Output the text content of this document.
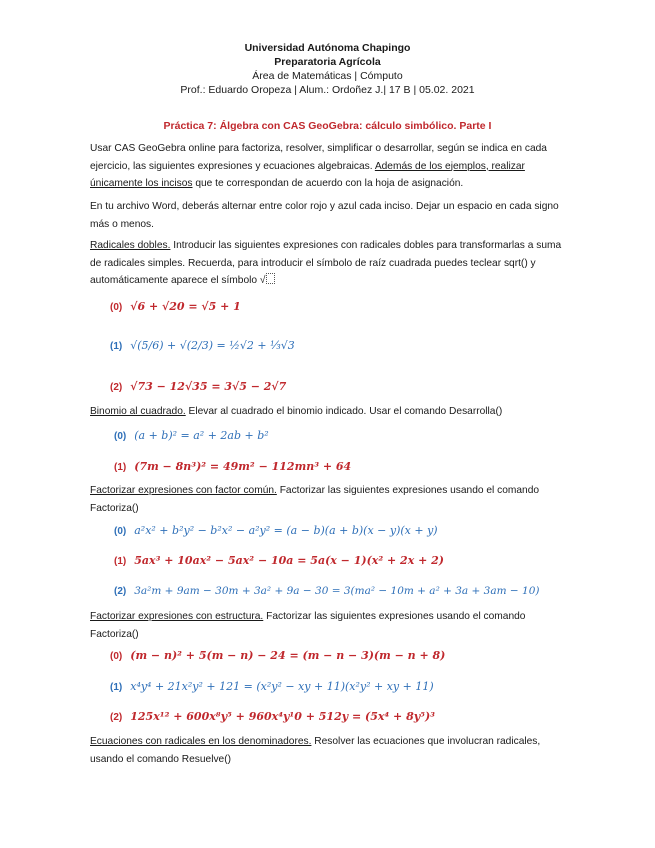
Universidad Autónoma Chapingo
Preparatoria Agrícola
Área de Matemáticas | Cómputo
Prof.: Eduardo Oropeza | Alum.: Ordoñez J.| 17 B | 05.02. 2021
Práctica 7: Álgebra con CAS GeoGebra: cálculo simbólico. Parte I
Usar CAS GeoGebra online para factoriza, resolver, simplificar o desarrollar, según se indica en cada ejercicio, las siguientes expresiones y ecuaciones algebraicas. Además de los ejemplos, realizar únicamente los incisos que te correspondan de acuerdo con la hoja de asignación.
En tu archivo Word, deberás alternar entre color rojo y azul cada inciso. Dejar un espacio en cada signo más o menos.
Radicales dobles. Introducir las siguientes expresiones con radicales dobles para transformarlas a suma de radicales simples. Recuerda, para introducir el símbolo de raíz cuadrada puedes teclear sqrt() y automáticamente aparece el símbolo √
(0) √6 + √20 = √5 + 1
(1) √(5/6) + √(2/3) = ½√2 + ⅓√3
(2) √73 − 12√35 = 3√5 − 2√7
Binomio al cuadrado. Elevar al cuadrado el binomio indicado. Usar el comando Desarrolla()
(0) (a + b)² = a² + 2ab + b²
(1) (7m − 8n³)² = 49m² − 112mn³ + 64
Factorizar expresiones con factor común. Factorizar las siguientes expresiones usando el comando Factoriza()
(0) a²x² + b²y² − b²x² − a²y² = (a − b)(a + b)(x − y)(x + y)
(1) 5ax³ + 10ax² − 5ax² − 10a = 5a(x − 1)(x² + 2x + 2)
(2) 3a²m + 9am − 30m + 3a² + 9a − 30 = 3(ma² − 10m + a² + 3a + 3am − 10)
Factorizar expresiones con estructura. Factorizar las siguientes expresiones usando el comando Factoriza()
(0) (m − n)² + 5(m − n) − 24 = (m − n − 3)(m − n + 8)
(1) x⁴y⁴ + 21x²y² + 121 = (x²y² − xy + 11)(x²y² + xy + 11)
(2) 125x¹² + 600x⁸y⁵ + 960x⁴y¹0 + 512y = (5x⁴ + 8y⁵)³
Ecuaciones con radicales en los denominadores. Resolver las ecuaciones que involucran radicales, usando el comando Resuelve()
